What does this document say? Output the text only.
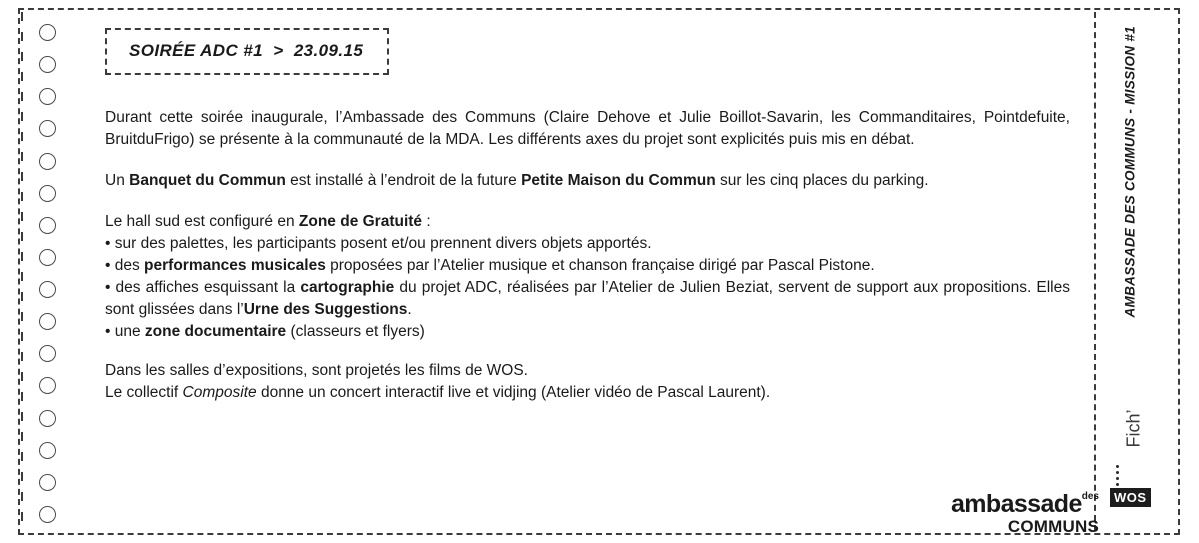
SOIRÉE ADC #1  >  23.09.15

Durant cette soirée inaugurale, l’Ambassade des Communs (Claire Dehove et Julie Boillot-Savarin, les Commanditaires, Pointdefuite, BruitduFrigo) se présente à la communauté de la MDA. Les différents axes du projet sont explicités puis mis en débat.

Un Banquet du Commun est installé à l’endroit de la future Petite Maison du Commun sur les cinq places du parking.

Le hall sud est configuré en Zone de Gratuité :

• sur des palettes, les participants posent et/ou prennent divers objets apportés.

• des performances musicales proposées par l’Atelier musique et chanson française dirigé par Pascal Pistone.

• des affiches esquissant la cartographie du projet ADC, réalisées par l’Atelier de Julien Beziat, servent de support aux propositions. Elles sont glissées dans l’Urne des Suggestions.

• une zone documentaire (classeurs et flyers)

Dans les salles d’expositions, sont projetés les films de WOS.

Le collectif Composite donne un concert interactif live et vidjing (Atelier vidéo de Pascal Laurent).

AMBASSADE DES COMMUNS - MISSION #1
Fich’
WOS
ambassade$^{des}$
COMMUNS
